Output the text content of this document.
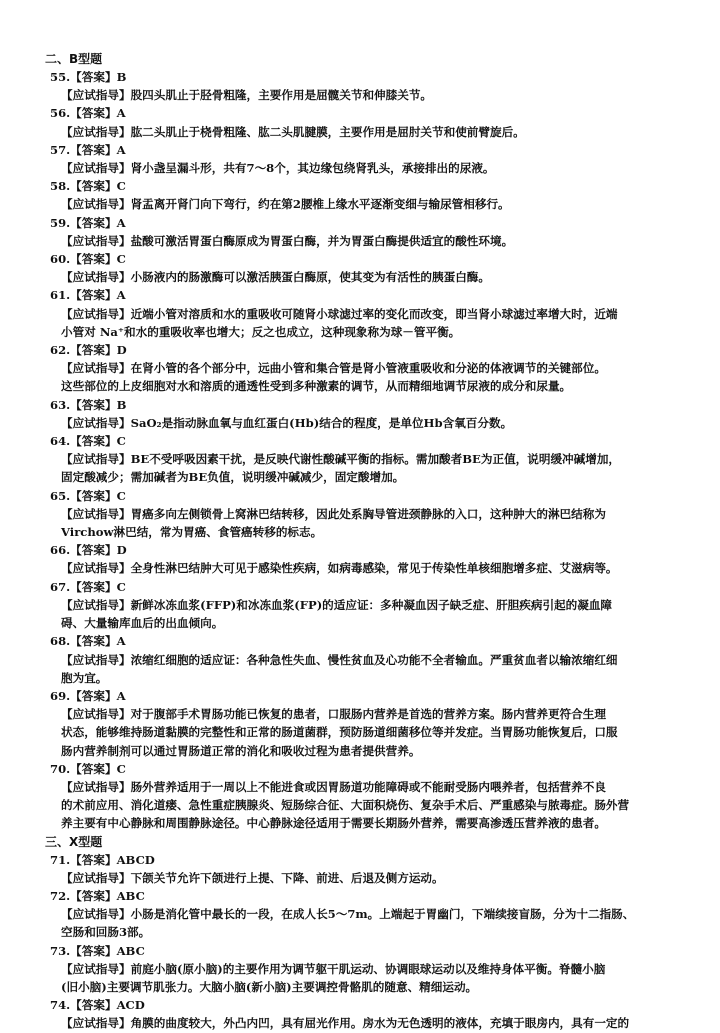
二、B型题
55.【答案】B
【应试指导】股四头肌止于胫骨粗隆，主要作用是屈髋关节和伸膝关节。
56.【答案】A
【应试指导】肱二头肌止于桡骨粗隆、肱二头肌腱膜，主要作用是屈肘关节和使前臂旋后。
57.【答案】A
【应试指导】肾小盏呈漏斗形，共有7～8个，其边缘包绕肾乳头，承接排出的尿液。
58.【答案】C
【应试指导】肾盂离开肾门向下弯行，约在第2腰椎上缘水平逐渐变细与输尿管相移行。
59.【答案】A
【应试指导】盐酸可激活胃蛋白酶原成为胃蛋白酶，并为胃蛋白酶提供适宜的酸性环境。
60.【答案】C
【应试指导】小肠液内的肠激酶可以激活胰蛋白酶原，使其变为有活性的胰蛋白酶。
61.【答案】A
【应试指导】近端小管对溶质和水的重吸收可随肾小球滤过率的变化而改变，即当肾小球滤过率增大时，近端
小管对 Na⁺和水的重吸收率也增大；反之也成立，这种现象称为球－管平衡。
62.【答案】D
【应试指导】在肾小管的各个部分中，远曲小管和集合管是肾小管液重吸收和分泌的体液调节的关键部位。
这些部位的上皮细胞对水和溶质的通透性受到多种激素的调节，从而精细地调节尿液的成分和尿量。
63.【答案】B
【应试指导】SaO₂是指动脉血氧与血红蛋白(Hb)结合的程度，是单位Hb含氧百分数。
64.【答案】C
【应试指导】BE不受呼吸因素干扰，是反映代谢性酸碱平衡的指标。需加酸者BE为正值，说明缓冲碱增加，
固定酸减少；需加碱者为BE负值，说明缓冲碱减少，固定酸增加。
65.【答案】C
【应试指导】胃癌多向左侧锁骨上窝淋巴结转移，因此处系胸导管进颈静脉的入口，这种肿大的淋巴结称为
Virchow淋巴结，常为胃癌、食管癌转移的标志。
66.【答案】D
【应试指导】全身性淋巴结肿大可见于感染性疾病，如病毒感染，常见于传染性单核细胞增多症、艾滋病等。
67.【答案】C
【应试指导】新鲜冰冻血浆(FFP)和冰冻血浆(FP)的适应证：多种凝血因子缺乏症、肝胆疾病引起的凝血障
碍、大量输库血后的出血倾向。
68.【答案】A
【应试指导】浓缩红细胞的适应证：各种急性失血、慢性贫血及心功能不全者输血。严重贫血者以输浓缩红细
胞为宜。
69.【答案】A
【应试指导】对于腹部手术胃肠功能已恢复的患者，口服肠内营养是首选的营养方案。肠内营养更符合生理
状态，能够维持肠道黏膜的完整性和正常的肠道菌群，预防肠道细菌移位等并发症。当胃肠功能恢复后，口服
肠内营养制剂可以通过胃肠道正常的消化和吸收过程为患者提供营养。
70.【答案】C
【应试指导】肠外营养适用于一周以上不能进食或因胃肠道功能障碍或不能耐受肠内喂养者，包括营养不良
的术前应用、消化道瘘、急性重症胰腺炎、短肠综合征、大面积烧伤、复杂手术后、严重感染与脓毒症。肠外营
养主要有中心静脉和周围静脉途径。中心静脉途径适用于需要长期肠外营养，需要高渗透压营养液的患者。
三、X型题
71.【答案】ABCD
【应试指导】下颌关节允许下颌进行上提、下降、前进、后退及侧方运动。
72.【答案】ABC
【应试指导】小肠是消化管中最长的一段，在成人长5～7m。上端起于胃幽门，下端续接盲肠，分为十二指肠、
空肠和回肠3部。
73.【答案】ABC
【应试指导】前庭小脑(原小脑)的主要作用为调节躯干肌运动、协调眼球运动以及维持身体平衡。脊髓小脑
(旧小脑)主要调节肌张力。大脑小脑(新小脑)主要调控骨骼肌的随意、精细运动。
74.【答案】ACD
【应试指导】角膜的曲度较大，外凸内凹，具有屈光作用。房水为无色透明的液体，充填于眼房内，具有一定的
